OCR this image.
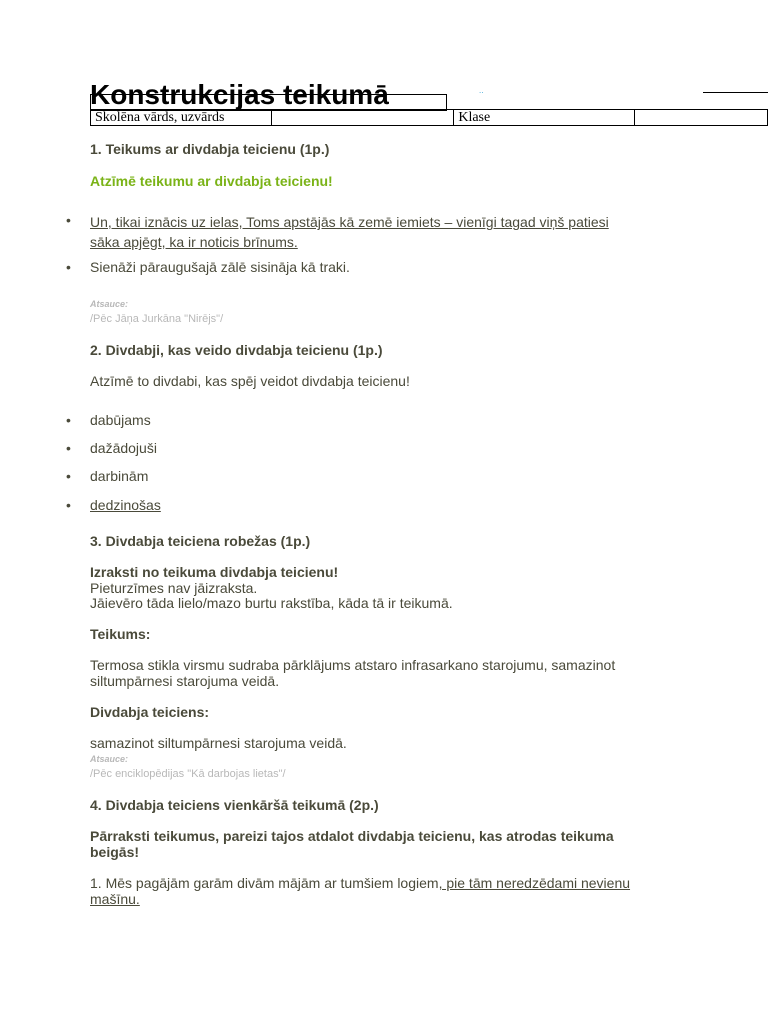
Konstrukcijas teikumā	..
Skolēna vārds, uzvārds		Klase	
1. Teikums ar divdabja teicienu (1p.)
Atzīmē teikumu ar divdabja teicienu!
• Un, tikai iznācis uz ielas, Toms apstājās kā zemē iemiets – vienīgi tagad viņš patiesi
sāka apjēgt, ka ir noticis brīnums.
• Sienāži pāraugušajā zālē sisināja kā traki.
Atsauce:
/Pēc Jāņa Jurkāna "Nirējs"/
2. Divdabji, kas veido divdabja teicienu (1p.)
Atzīmē to divdabi, kas spēj veidot divdabja teicienu!
• dabūjams
• dažādojuši
• darbinām
• dedzinošas
3. Divdabja teiciena robežas (1p.)
Izraksti no teikuma divdabja teicienu!
Pieturzīmes nav jāizraksta.
Jāievēro tāda lielo/mazo burtu rakstība, kāda tā ir teikumā.
Teikums:
Termosa stikla virsmu sudraba pārklājums atstaro infrasarkano starojumu, samazinot
siltumpārnesi starojuma veidā.
Divdabja teiciens:
samazinot siltumpārnesi starojuma veidā.
Atsauce:
/Pēc enciklopēdijas "Kā darbojas lietas"/
4. Divdabja teiciens vienkāršā teikumā (2p.)
Pārraksti teikumus, pareizi tajos atdalot divdabja teicienu, kas atrodas teikuma
beigās!
1. Mēs pagājām garām divām mājām ar tumšiem logiem, pie tām neredzēdami nevienu
mašīnu.
